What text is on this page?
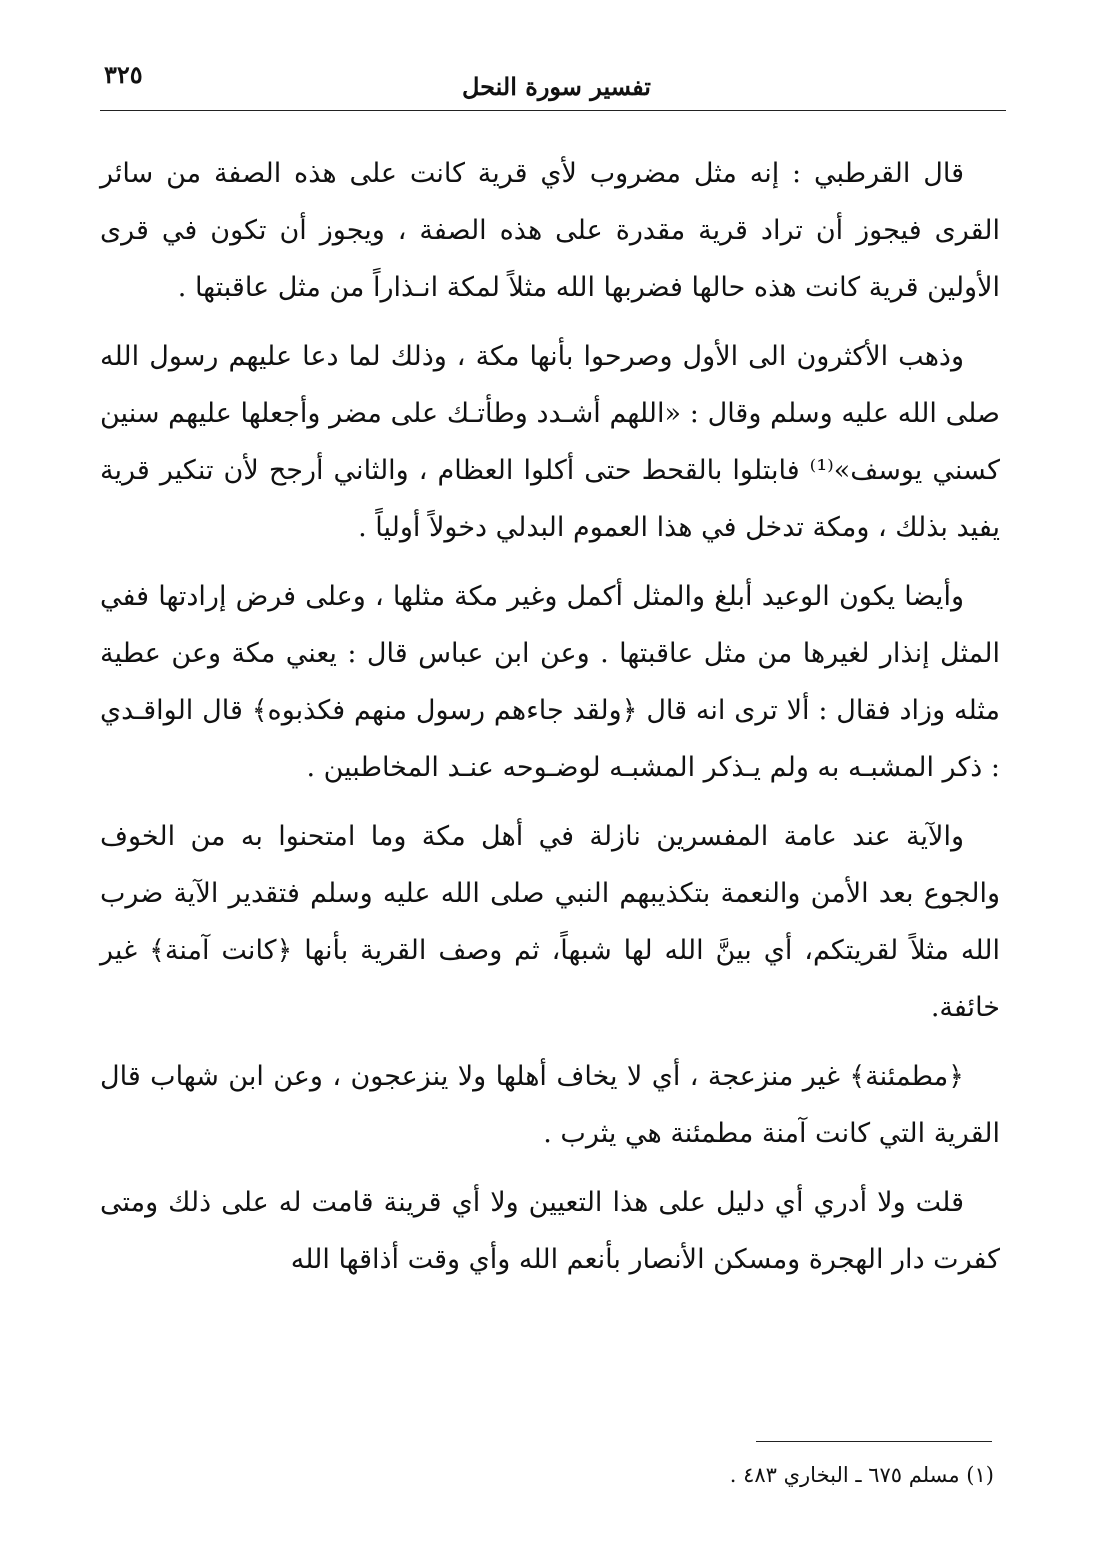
تفسير سورة النحل
٣٢٥

قال القرطبي : إنه مثل مضروب لأي قرية كانت على هذه الصفة من سائر القرى فيجوز أن تراد قرية مقدرة على هذه الصفة ، ويجوز أن تكون في قرى الأولين قرية كانت هذه حالها فضربها الله مثلاً لمكة انـذاراً من مثل عاقبتها .

وذهب الأكثرون الى الأول وصرحوا بأنها مكة ، وذلك لما دعا عليهم رسول الله صلى الله عليه وسلم وقال : «اللهم أشـدد وطأتـك على مضر وأجعلها عليهم سنين كسني يوسف»⁽¹⁾ فابتلوا بالقحط حتى أكلوا العظام ، والثاني أرجح لأن تنكير قرية يفيد بذلك ، ومكة تدخل في هذا العموم البدلي دخولاً أولياً .

وأيضا يكون الوعيد أبلغ والمثل أكمل وغير مكة مثلها ، وعلى فرض إرادتها ففي المثل إنذار لغيرها من مثل عاقبتها . وعن ابن عباس قال : يعني مكة وعن عطية مثله وزاد فقال : ألا ترى انه قال ﴿ولقد جاءهم رسول منهم فكذبوه﴾ قال الواقـدي : ذكر المشبـه به ولم يـذكر المشبـه لوضـوحه عنـد المخاطبين .

والآية عند عامة المفسرين نازلة في أهل مكة وما امتحنوا به من الخوف والجوع بعد الأمن والنعمة بتكذيبهم النبي صلى الله عليه وسلم فتقدير الآية ضرب الله مثلاً لقريتكم، أي بينَّ الله لها شبهاً، ثم وصف القرية بأنها ﴿كانت آمنة﴾ غير خائفة.

﴿مطمئنة﴾ غير منزعجة ، أي لا يخاف أهلها ولا ينزعجون ، وعن ابن شهاب قال القرية التي كانت آمنة مطمئنة هي يثرب .

قلت ولا أدري أي دليل على هذا التعيين ولا أي قرينة قامت له على ذلك ومتى كفرت دار الهجرة ومسكن الأنصار بأنعم الله وأي وقت أذاقها الله

(١) مسلم ٦٧٥ ـ البخاري ٤٨٣ .
